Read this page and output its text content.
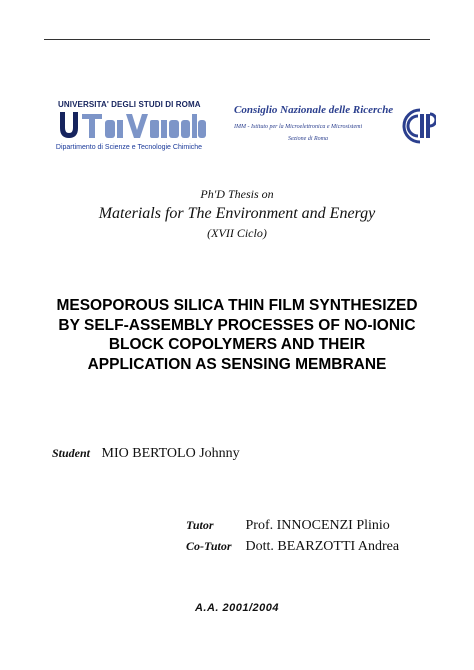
UNIVERSITA' DEGLI STUDI DI ROMA
Dipartimento di Scienze e Tecnologie Chimiche
Consiglio Nazionale delle Ricerche
IMM - Istituto per la Microelettronica e Microsistemi
Sezione di Roma
Ph'D Thesis on
Materials for The Environment and Energy
(XVII Ciclo)
MESOPOROUS SILICA THIN FILM SYNTHESIZED
BY SELF-ASSEMBLY PROCESSES OF NO-IONIC
BLOCK COPOLYMERS AND THEIR
APPLICATION AS SENSING MEMBRANE
Student MIO BERTOLO Johnny
Tutor Prof. INNOCENZI Plinio
Co-Tutor Dott. BEARZOTTI Andrea
A.A. 2001/2004
